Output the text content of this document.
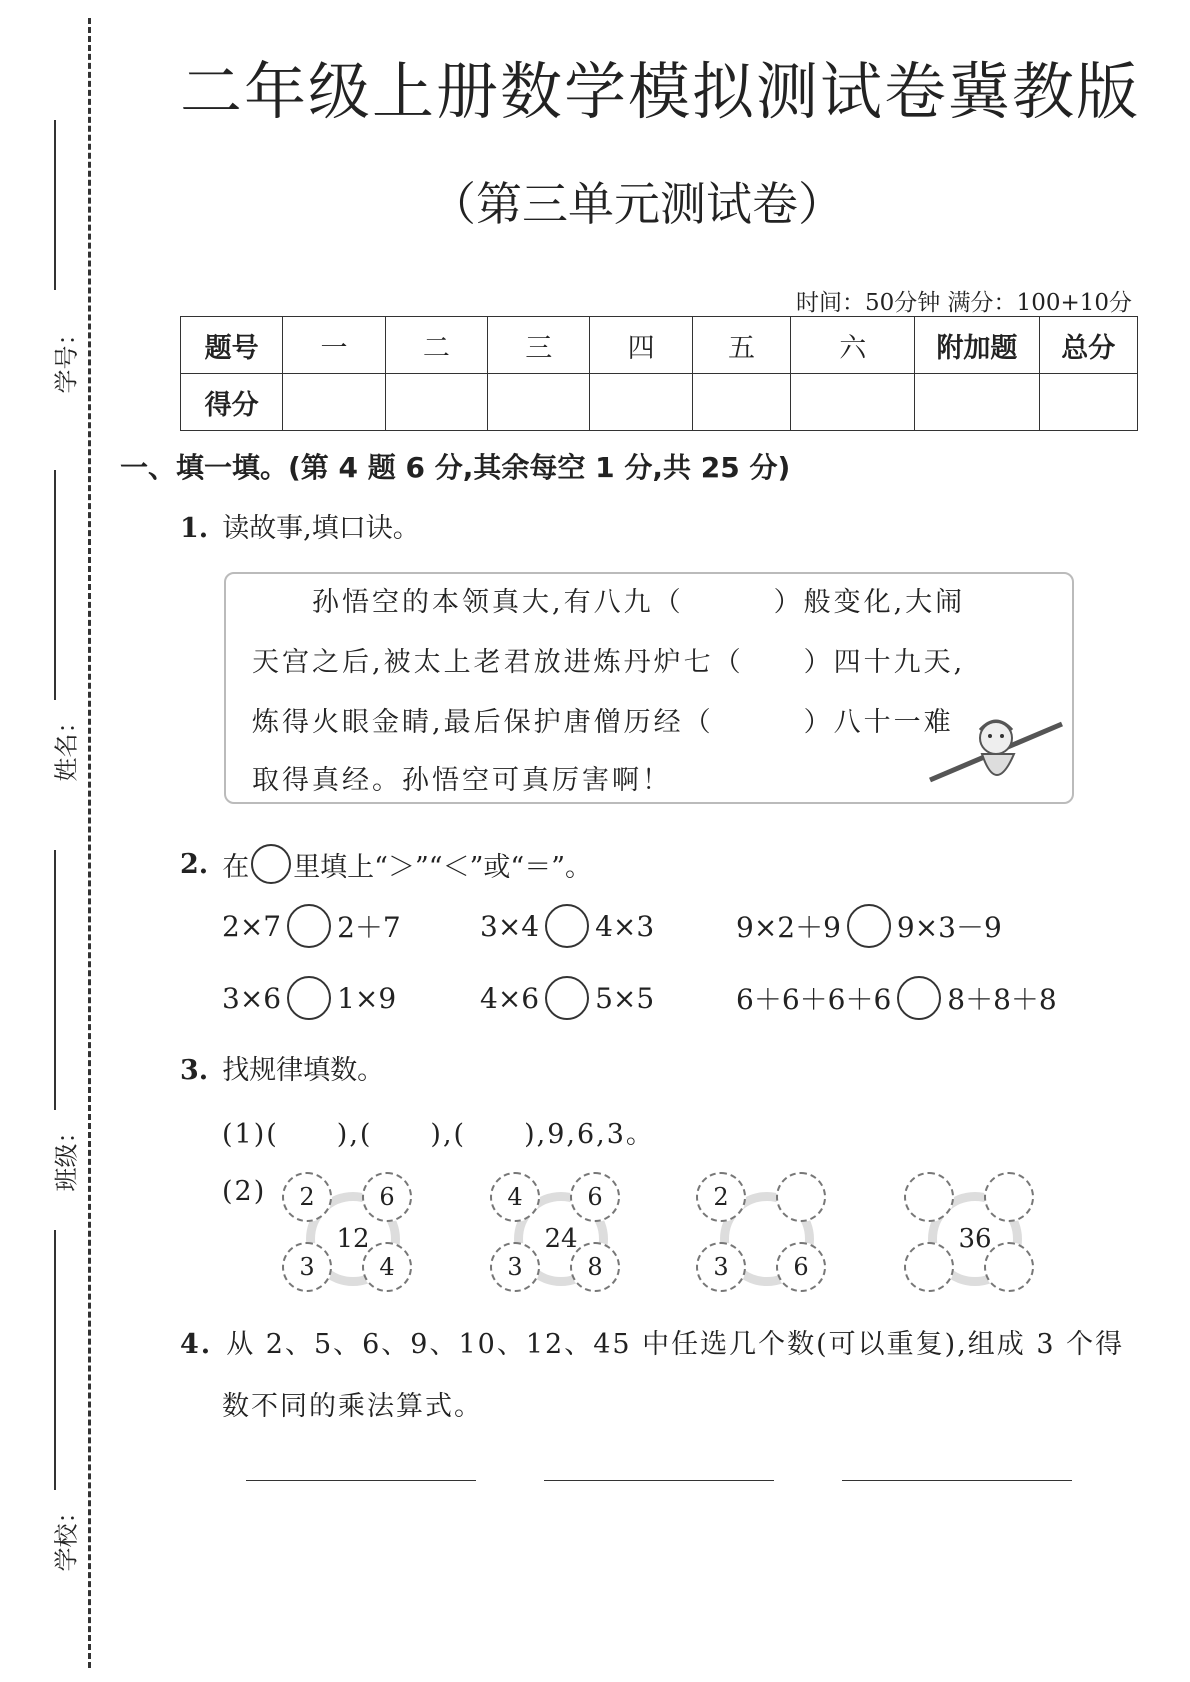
学号：
姓名：
班级：
学校：
二年级上册数学模拟测试卷冀教版
（第三单元测试卷）
时间：50分钟 满分：100+10分
题号	一	二	三	四	五	六	附加题	总分
得分								
一、填一填。(第 4 题 6 分,其余每空 1 分,共 25 分)
1. 读故事,填口诀。
孙悟空的本领真大,有八九（　　　）般变化,大闹
天宫之后,被太上老君放进炼丹炉七（　　）四十九天,
炼得火眼金睛,最后保护唐僧历经（　　　）八十一难
取得真经。孙悟空可真厉害啊！
2. 在 里填上“＞”“＜”或“＝”。
2×7 2＋7	3×4 4×3	9×2＋9 9×3－9
3×6 1×9	4×6 5×5	6＋6＋6＋6 8＋8＋8
3. 找规律填数。
(1)(　　),(　　),(　　),9,6,3。
(2)
12
2	6
3	4
24
4	6
3	8
2
3	6
36
4. 从 2、5、6、9、10、12、45 中任选几个数(可以重复),组成 3 个得
数不同的乘法算式。
